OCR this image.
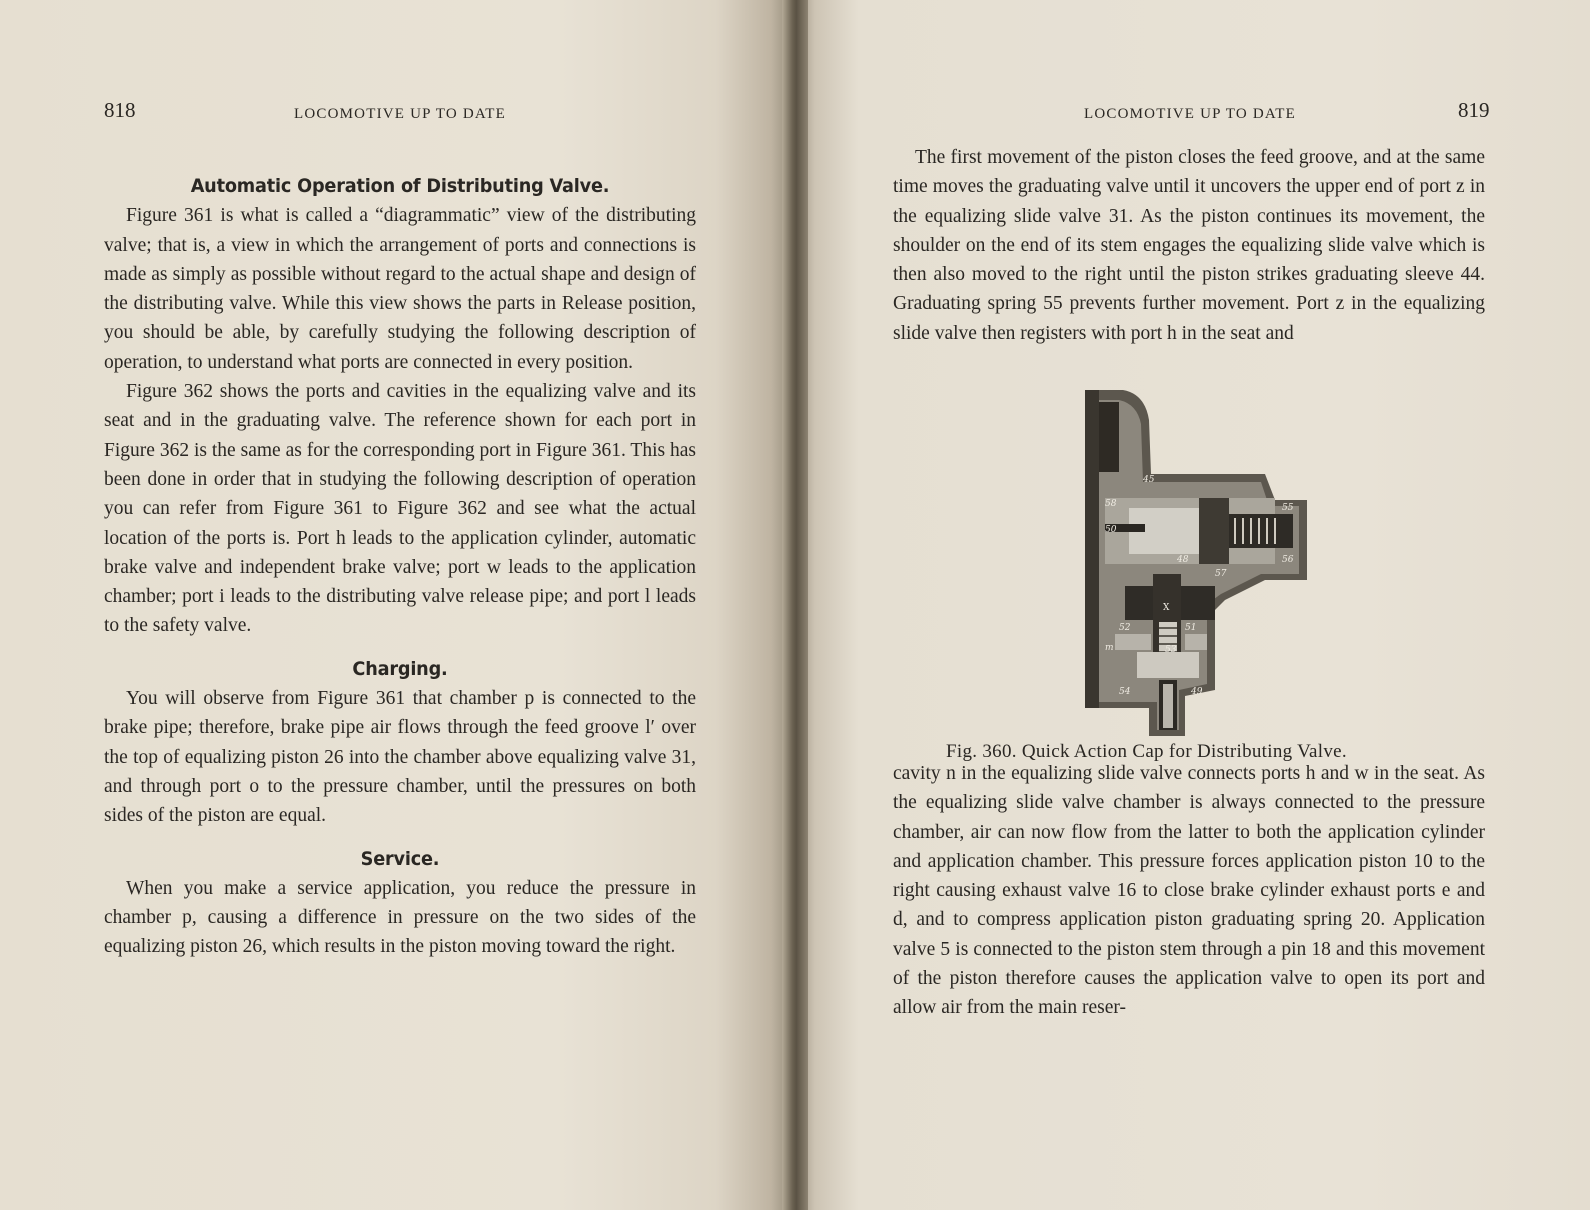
818	LOCOMOTIVE UP TO DATE
Automatic Operation of Distributing Valve.

Figure 361 is what is called a “diagrammatic” view of the distributing valve; that is, a view in which the arrangement of ports and connections is made as simply as possible without regard to the actual shape and design of the distributing valve. While this view shows the parts in Release position, you should be able, by carefully studying the following description of operation, to understand what ports are connected in every position.

Figure 362 shows the ports and cavities in the equalizing valve and its seat and in the graduating valve. The reference shown for each port in Figure 362 is the same as for the corresponding port in Figure 361. This has been done in order that in studying the following description of operation you can refer from Figure 361 to Figure 362 and see what the actual location of the ports is. Port h leads to the application cylinder, automatic brake valve and independent brake valve; port w leads to the application chamber; port i leads to the distributing valve release pipe; and port l leads to the safety valve.

Charging.

You will observe from Figure 361 that chamber p is connected to the brake pipe; therefore, brake pipe air flows through the feed groove l′ over the top of equalizing piston 26 into the chamber above equalizing valve 31, and through port o to the pressure chamber, until the pressures on both sides of the piston are equal.

Service.

When you make a service application, you reduce the pressure in chamber p, causing a difference in pressure on the two sides of the equalizing piston 26, which results in the piston moving toward the right.

LOCOMOTIVE UP TO DATE	819

The first movement of the piston closes the feed groove, and at the same time moves the graduating valve until it uncovers the upper end of port z in the equalizing slide valve 31. As the piston continues its movement, the shoulder on the end of its stem engages the equalizing slide valve which is then also moved to the right until the piston strikes graduating sleeve 44. Graduating spring 55 prevents further movement. Port z in the equalizing slide valve then registers with port h in the seat and

45
58
50
55
48	56
57
X
52	51
53
m
54	49
Fig. 360. Quick Action Cap for Distributing Valve.

cavity n in the equalizing slide valve connects ports h and w in the seat. As the equalizing slide valve chamber is always connected to the pressure chamber, air can now flow from the latter to both the application cylinder and application chamber. This pressure forces application piston 10 to the right causing exhaust valve 16 to close brake cylinder exhaust ports e and d, and to compress application piston graduating spring 20. Application valve 5 is connected to the piston stem through a pin 18 and this movement of the piston therefore causes the application valve to open its port and allow air from the main reser-
